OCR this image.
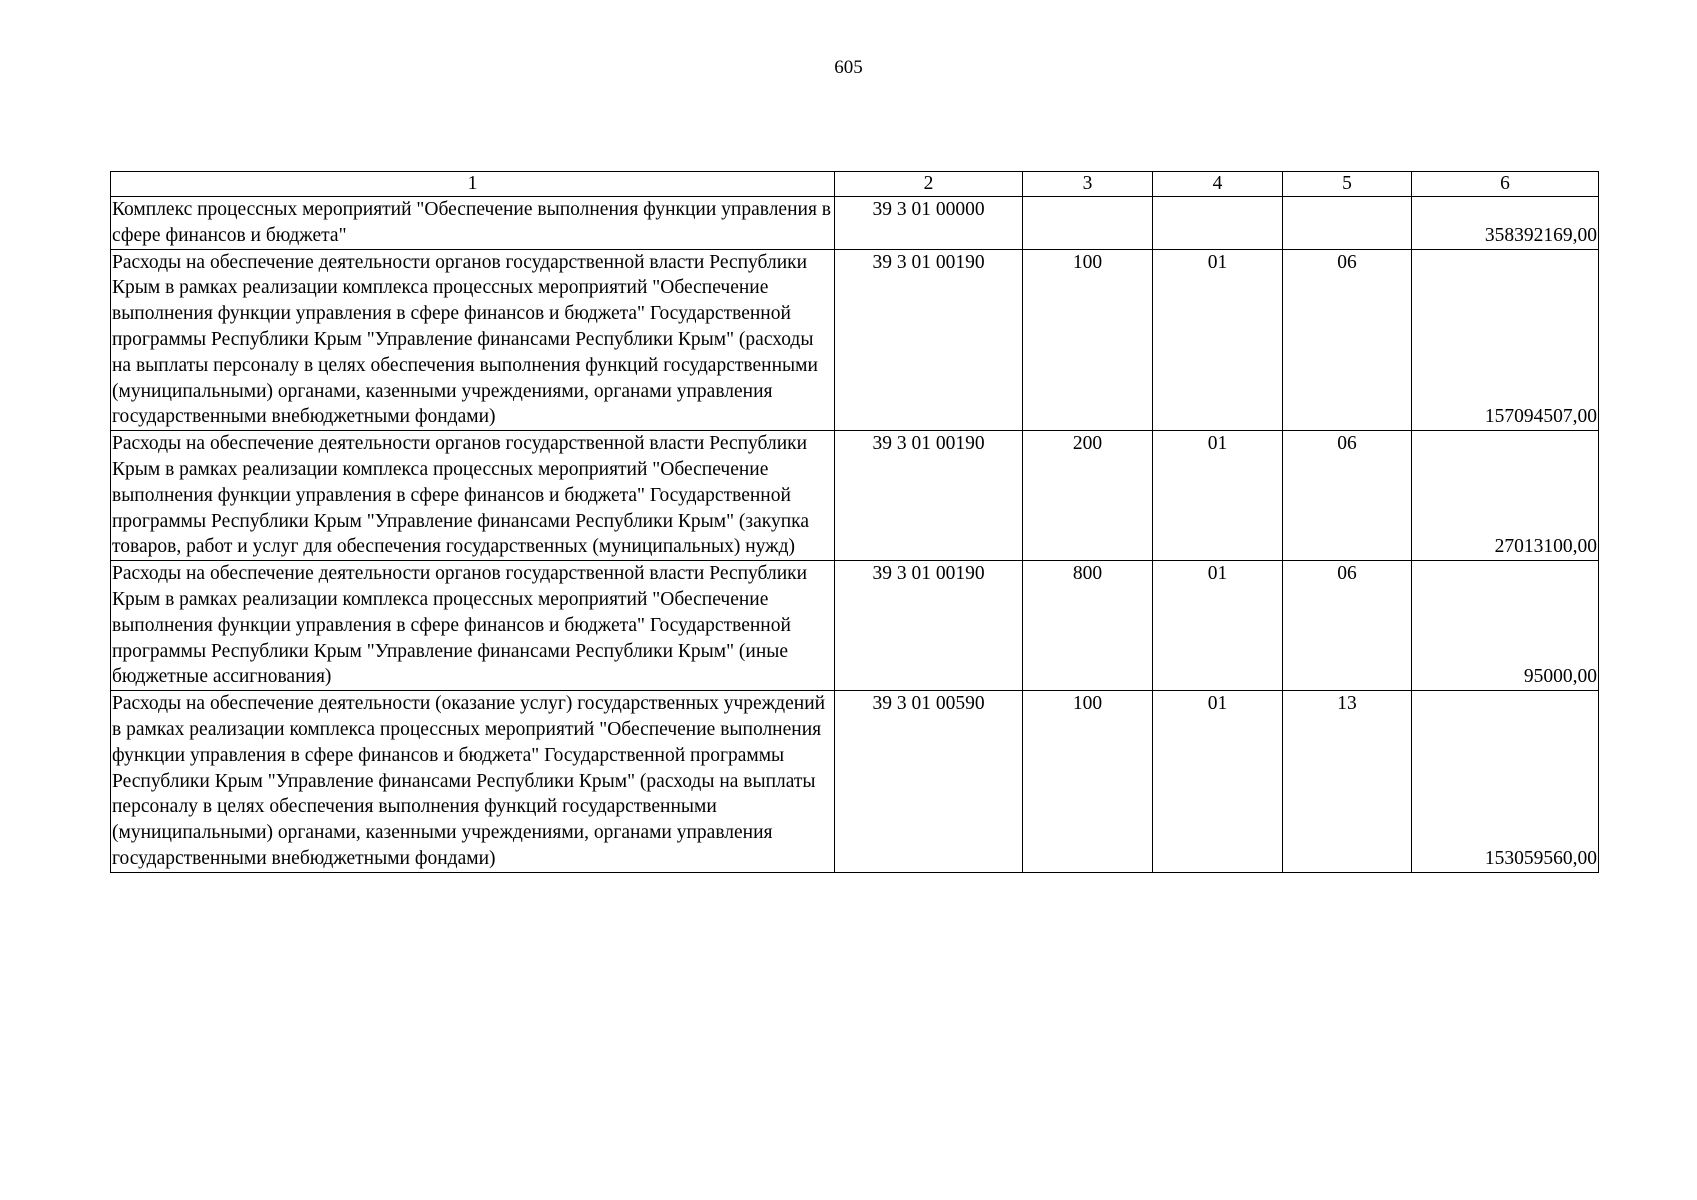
605
1	2	3	4	5	6
Комплекс процессных мероприятий "Обеспечение выполнения функции управления в сфере финансов и бюджета"	39 3 01 00000				358392169,00
Расходы на обеспечение деятельности органов государственной власти Республики Крым в рамках реализации комплекса процессных мероприятий "Обеспечение выполнения функции управления в сфере финансов и бюджета" Государственной программы Республики Крым "Управление финансами Республики Крым" (расходы на выплаты персоналу в целях обеспечения выполнения функций государственными (муниципальными) органами, казенными учреждениями, органами управления государственными внебюджетными фондами)	39 3 01 00190	100	01	06	157094507,00
Расходы на обеспечение деятельности органов государственной власти Республики Крым в рамках реализации комплекса процессных мероприятий "Обеспечение выполнения функции управления в сфере финансов и бюджета" Государственной программы Республики Крым "Управление финансами Республики Крым" (закупка товаров, работ и услуг для обеспечения государственных (муниципальных) нужд)	39 3 01 00190	200	01	06	27013100,00
Расходы на обеспечение деятельности органов государственной власти Республики Крым в рамках реализации комплекса процессных мероприятий "Обеспечение выполнения функции управления в сфере финансов и бюджета" Государственной программы Республики Крым "Управление финансами Республики Крым" (иные бюджетные ассигнования)	39 3 01 00190	800	01	06	95000,00
Расходы на обеспечение деятельности (оказание услуг) государственных учреждений в рамках реализации комплекса процессных мероприятий "Обеспечение выполнения функции управления в сфере финансов и бюджета" Государственной программы Республики Крым "Управление финансами Республики Крым" (расходы на выплаты персоналу в целях обеспечения выполнения функций государственными (муниципальными) органами, казенными учреждениями, органами управления государственными внебюджетными фондами)	39 3 01 00590	100	01	13	153059560,00
